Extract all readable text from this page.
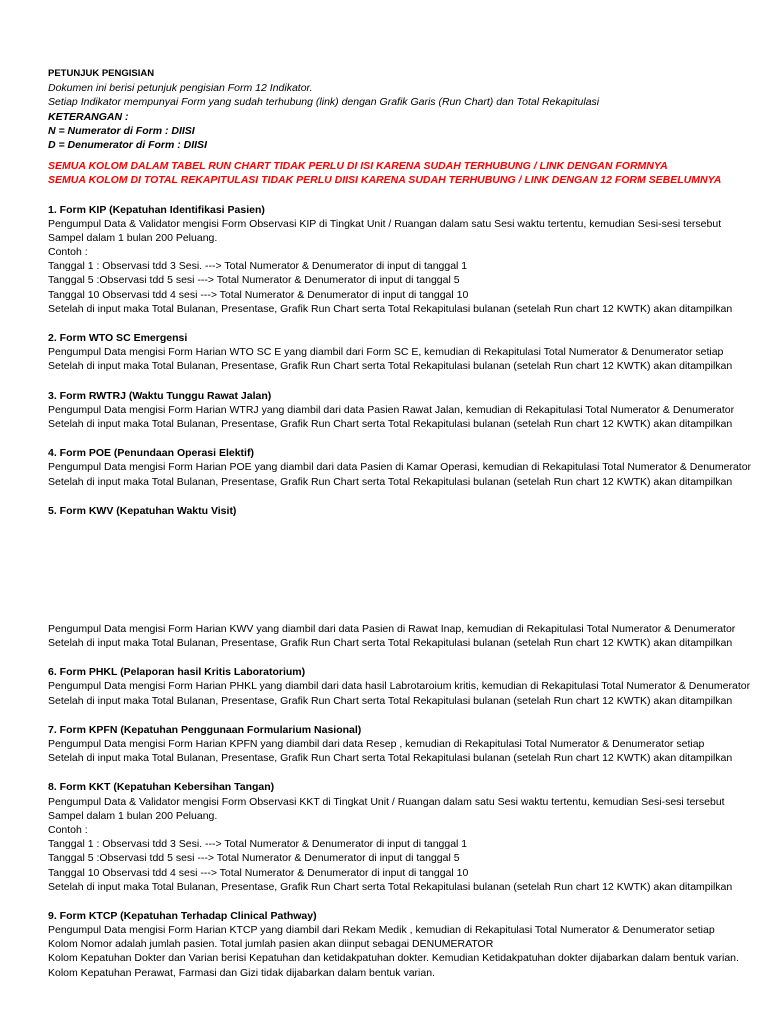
PETUNJUK PENGISIAN
Dokumen ini berisi petunjuk pengisian Form 12 Indikator.
Setiap Indikator mempunyai Form yang sudah terhubung (link) dengan Grafik Garis (Run Chart) dan Total Rekapitulasi
KETERANGAN :
N = Numerator di Form : DIISI
D = Denumerator di Form : DIISI
SEMUA KOLOM DALAM TABEL RUN CHART TIDAK PERLU DI ISI KARENA SUDAH TERHUBUNG / LINK DENGAN FORMNYA
SEMUA KOLOM DI TOTAL REKAPITULASI TIDAK PERLU DIISI KARENA SUDAH TERHUBUNG / LINK DENGAN 12 FORM SEBELUMNYA
1. Form KIP (Kepatuhan Identifikasi Pasien)
Pengumpul Data & Validator mengisi Form Observasi KIP di Tingkat Unit / Ruangan dalam satu Sesi waktu tertentu, kemudian Sesi-sesi tersebut
Sampel dalam 1 bulan 200 Peluang.
Contoh :
Tanggal 1 : Observasi tdd 3 Sesi. ---> Total Numerator & Denumerator di input di tanggal 1
Tanggal 5 :Observasi tdd 5 sesi ---> Total Numerator & Denumerator di input di tanggal 5
Tanggal 10 Observasi tdd 4 sesi ---> Total Numerator & Denumerator di input di tanggal 10
Setelah di input maka Total Bulanan, Presentase, Grafik Run Chart serta Total Rekapitulasi bulanan (setelah Run chart 12 KWTK) akan ditampilkan
2. Form WTO SC Emergensi
Pengumpul Data mengisi Form Harian WTO SC E yang diambil dari Form SC E, kemudian di Rekapitulasi Total Numerator & Denumerator setiap
Setelah di input maka Total Bulanan, Presentase, Grafik Run Chart serta Total Rekapitulasi bulanan (setelah Run chart 12 KWTK) akan ditampilkan
3. Form RWTRJ (Waktu Tunggu Rawat Jalan)
Pengumpul Data mengisi Form Harian WTRJ yang diambil dari data Pasien Rawat Jalan, kemudian di Rekapitulasi Total Numerator & Denumerator
Setelah di input maka Total Bulanan, Presentase, Grafik Run Chart serta Total Rekapitulasi bulanan (setelah Run chart 12 KWTK) akan ditampilkan
4. Form POE (Penundaan Operasi Elektif)
Pengumpul Data mengisi Form Harian POE yang diambil dari data Pasien di Kamar Operasi, kemudian di Rekapitulasi Total Numerator & Denumerator
Setelah di input maka Total Bulanan, Presentase, Grafik Run Chart serta Total Rekapitulasi bulanan (setelah Run chart 12 KWTK) akan ditampilkan
5. Form KWV (Kepatuhan Waktu Visit)
Pengumpul Data mengisi Form Harian KWV yang diambil dari data Pasien di Rawat Inap, kemudian di Rekapitulasi Total Numerator & Denumerator
Setelah di input maka Total Bulanan, Presentase, Grafik Run Chart serta Total Rekapitulasi bulanan (setelah Run chart 12 KWTK) akan ditampilkan
6. Form PHKL (Pelaporan hasil Kritis Laboratorium)
Pengumpul Data mengisi Form Harian PHKL yang diambil dari data hasil Labrotaroium kritis, kemudian di Rekapitulasi Total Numerator & Denumerator
Setelah di input maka Total Bulanan, Presentase, Grafik Run Chart serta Total Rekapitulasi bulanan (setelah Run chart 12 KWTK) akan ditampilkan
7. Form KPFN (Kepatuhan Penggunaan Formularium Nasional)
Pengumpul Data mengisi Form Harian KPFN yang diambil dari data Resep , kemudian di Rekapitulasi Total Numerator & Denumerator setiap
Setelah di input maka Total Bulanan, Presentase, Grafik Run Chart serta Total Rekapitulasi bulanan (setelah Run chart 12 KWTK) akan ditampilkan
8. Form KKT (Kepatuhan Kebersihan Tangan)
Pengumpul Data & Validator mengisi Form Observasi KKT di Tingkat Unit / Ruangan dalam satu Sesi waktu tertentu, kemudian Sesi-sesi tersebut
Sampel dalam 1 bulan 200 Peluang.
Contoh :
Tanggal 1 : Observasi tdd 3 Sesi. ---> Total Numerator & Denumerator di input di tanggal 1
Tanggal 5 :Observasi tdd 5 sesi ---> Total Numerator & Denumerator di input di tanggal 5
Tanggal 10 Observasi tdd 4 sesi ---> Total Numerator & Denumerator di input di tanggal 10
Setelah di input maka Total Bulanan, Presentase, Grafik Run Chart serta Total Rekapitulasi bulanan (setelah Run chart 12 KWTK) akan ditampilkan
9. Form KTCP (Kepatuhan Terhadap Clinical Pathway)
Pengumpul Data mengisi Form Harian KTCP yang diambil dari Rekam Medik , kemudian di Rekapitulasi Total Numerator & Denumerator setiap
Kolom Nomor adalah jumlah pasien. Total jumlah pasien akan diinput sebagai DENUMERATOR
Kolom Kepatuhan Dokter dan Varian berisi Kepatuhan dan ketidakpatuhan dokter. Kemudian Ketidakpatuhan dokter dijabarkan dalam bentuk varian.
Kolom Kepatuhan Perawat, Farmasi dan Gizi tidak dijabarkan dalam bentuk varian.
